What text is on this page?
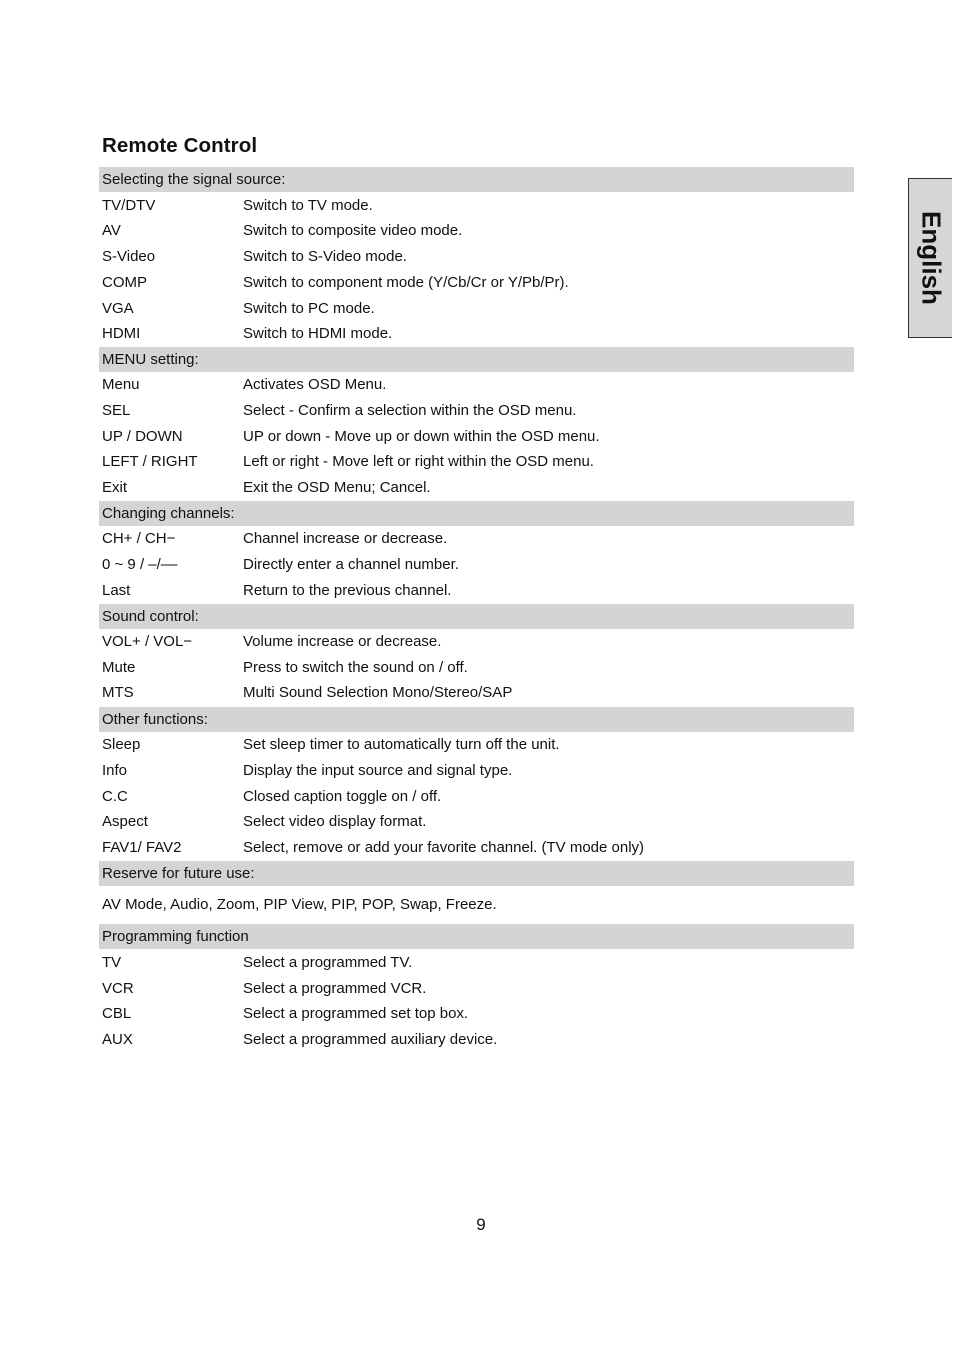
Remote Control
English
Selecting the signal source:
TV/DTV	Switch to TV mode.
AV	Switch to composite video mode.
S-Video	Switch to S-Video mode.
COMP	Switch to component mode (Y/Cb/Cr or Y/Pb/Pr).
VGA	Switch to PC mode.
HDMI	Switch to HDMI mode.
MENU setting:
Menu	Activates OSD Menu.
SEL	Select - Confirm a selection within the OSD menu.
UP / DOWN	UP or down - Move up or down within the OSD menu.
LEFT / RIGHT	Left or right - Move left or right within the OSD menu.
Exit	Exit the OSD Menu; Cancel.
Changing channels:
CH+ / CH−	Channel increase or decrease.
0 ~ 9 / –/––	Directly enter a channel number.
Last	Return to the previous channel.
Sound control:
VOL+ / VOL−	Volume increase or decrease.
Mute	Press to switch the sound on / off.
MTS	Multi Sound Selection Mono/Stereo/SAP
Other functions:
Sleep	Set sleep timer to automatically turn off the unit.
Info	Display the input source and signal type.
C.C	Closed caption toggle on / off.
Aspect	Select video display format.
FAV1/ FAV2	Select, remove or add your favorite channel. (TV mode only)
Reserve for future use:
AV Mode, Audio, Zoom, PIP View, PIP, POP, Swap, Freeze.
Programming function
TV	Select a programmed TV.
VCR	Select a programmed VCR.
CBL	Select a programmed set top box.
AUX	Select a programmed auxiliary device.
9
